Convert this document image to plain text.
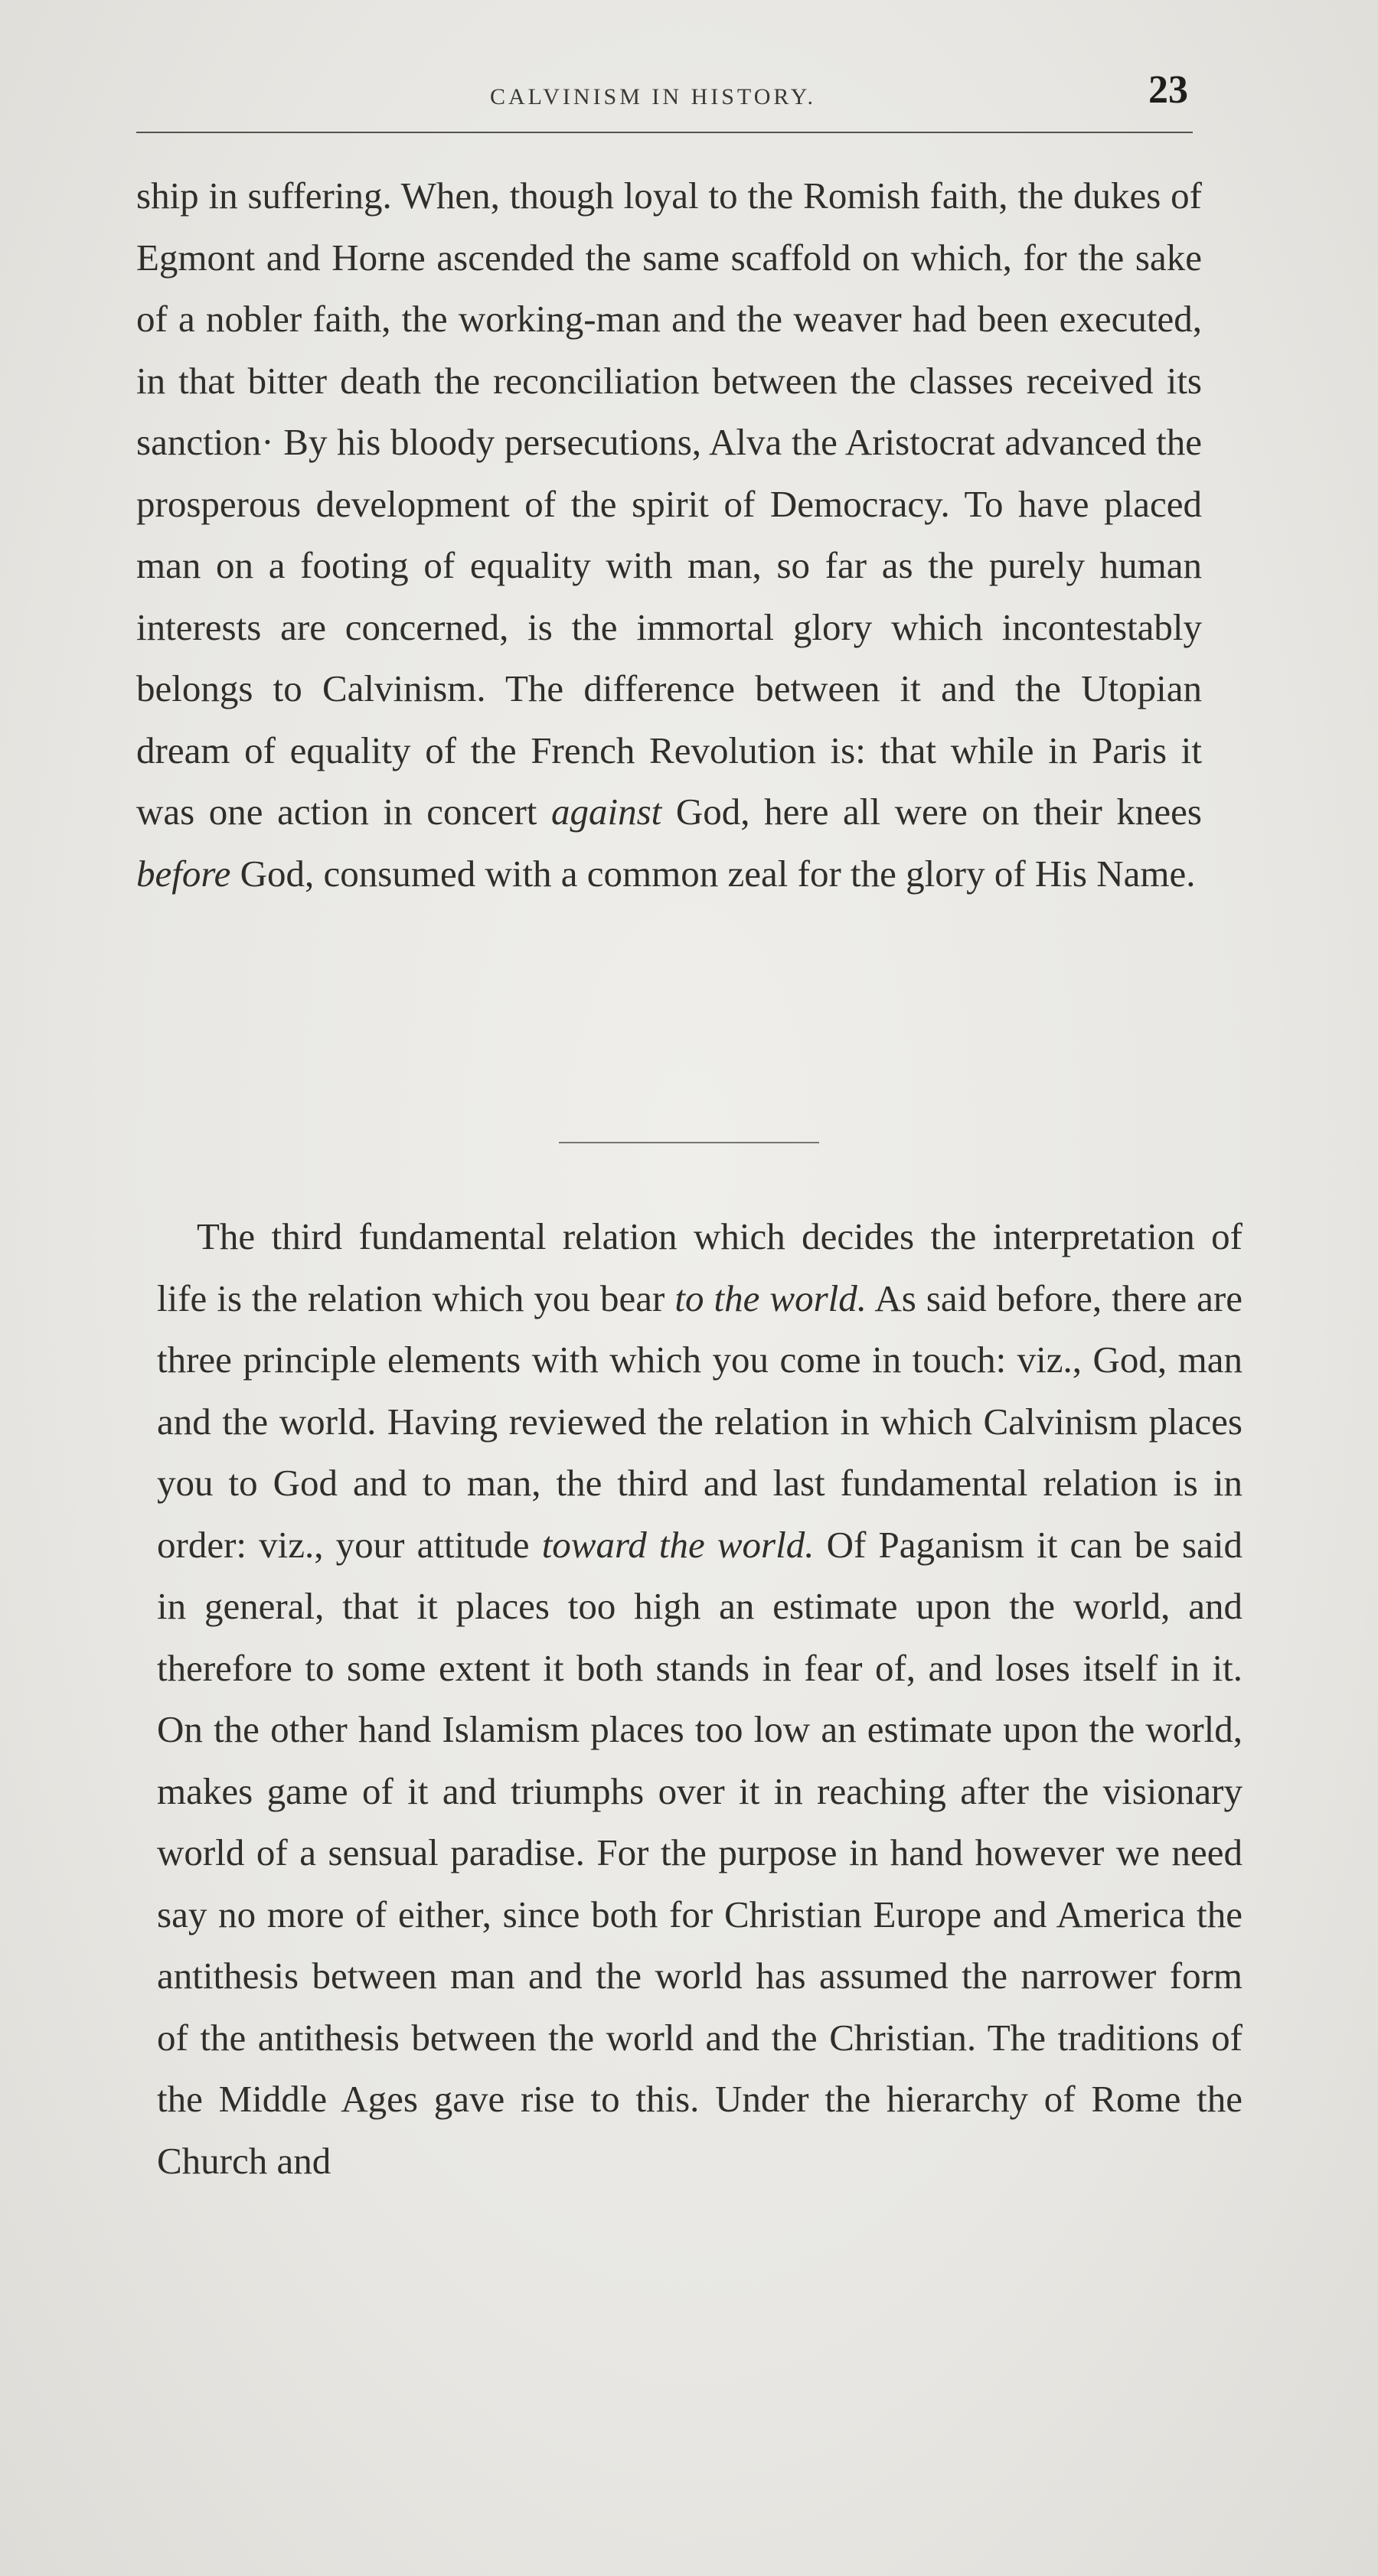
CALVINISM IN HISTORY.	23

ship in suffering. When, though loyal to the Romish faith, the dukes of Egmont and Horne ascended the same scaffold on which, for the sake of a nobler faith, the working-man and the weaver had been executed, in that bitter death the reconciliation between the classes received its sanction· By his bloody persecutions, Alva the Aristocrat advanced the prosperous development of the spirit of Democracy. To have placed man on a footing of equality with man, so far as the purely human interests are concerned, is the immortal glory which incontestably belongs to Calvinism. The difference between it and the Utopian dream of equality of the French Revolution is: that while in Paris it was one action in concert against God, here all were on their knees before God, consumed with a common zeal for the glory of His Name.

The third fundamental relation which decides the interpretation of life is the relation which you bear to the world. As said before, there are three principle elements with which you come in touch: viz., God, man and the world. Having reviewed the relation in which Calvinism places you to God and to man, the third and last fundamental relation is in order: viz., your attitude toward the world. Of Paganism it can be said in general, that it places too high an estimate upon the world, and therefore to some extent it both stands in fear of, and loses itself in it. On the other hand Islamism places too low an estimate upon the world, makes game of it and triumphs over it in reaching after the visionary world of a sensual paradise. For the purpose in hand however we need say no more of either, since both for Christian Europe and America the antithesis between man and the world has assumed the narrower form of the antithesis between the world and the Christian. The traditions of the Middle Ages gave rise to this. Under the hierarchy of Rome the Church and
